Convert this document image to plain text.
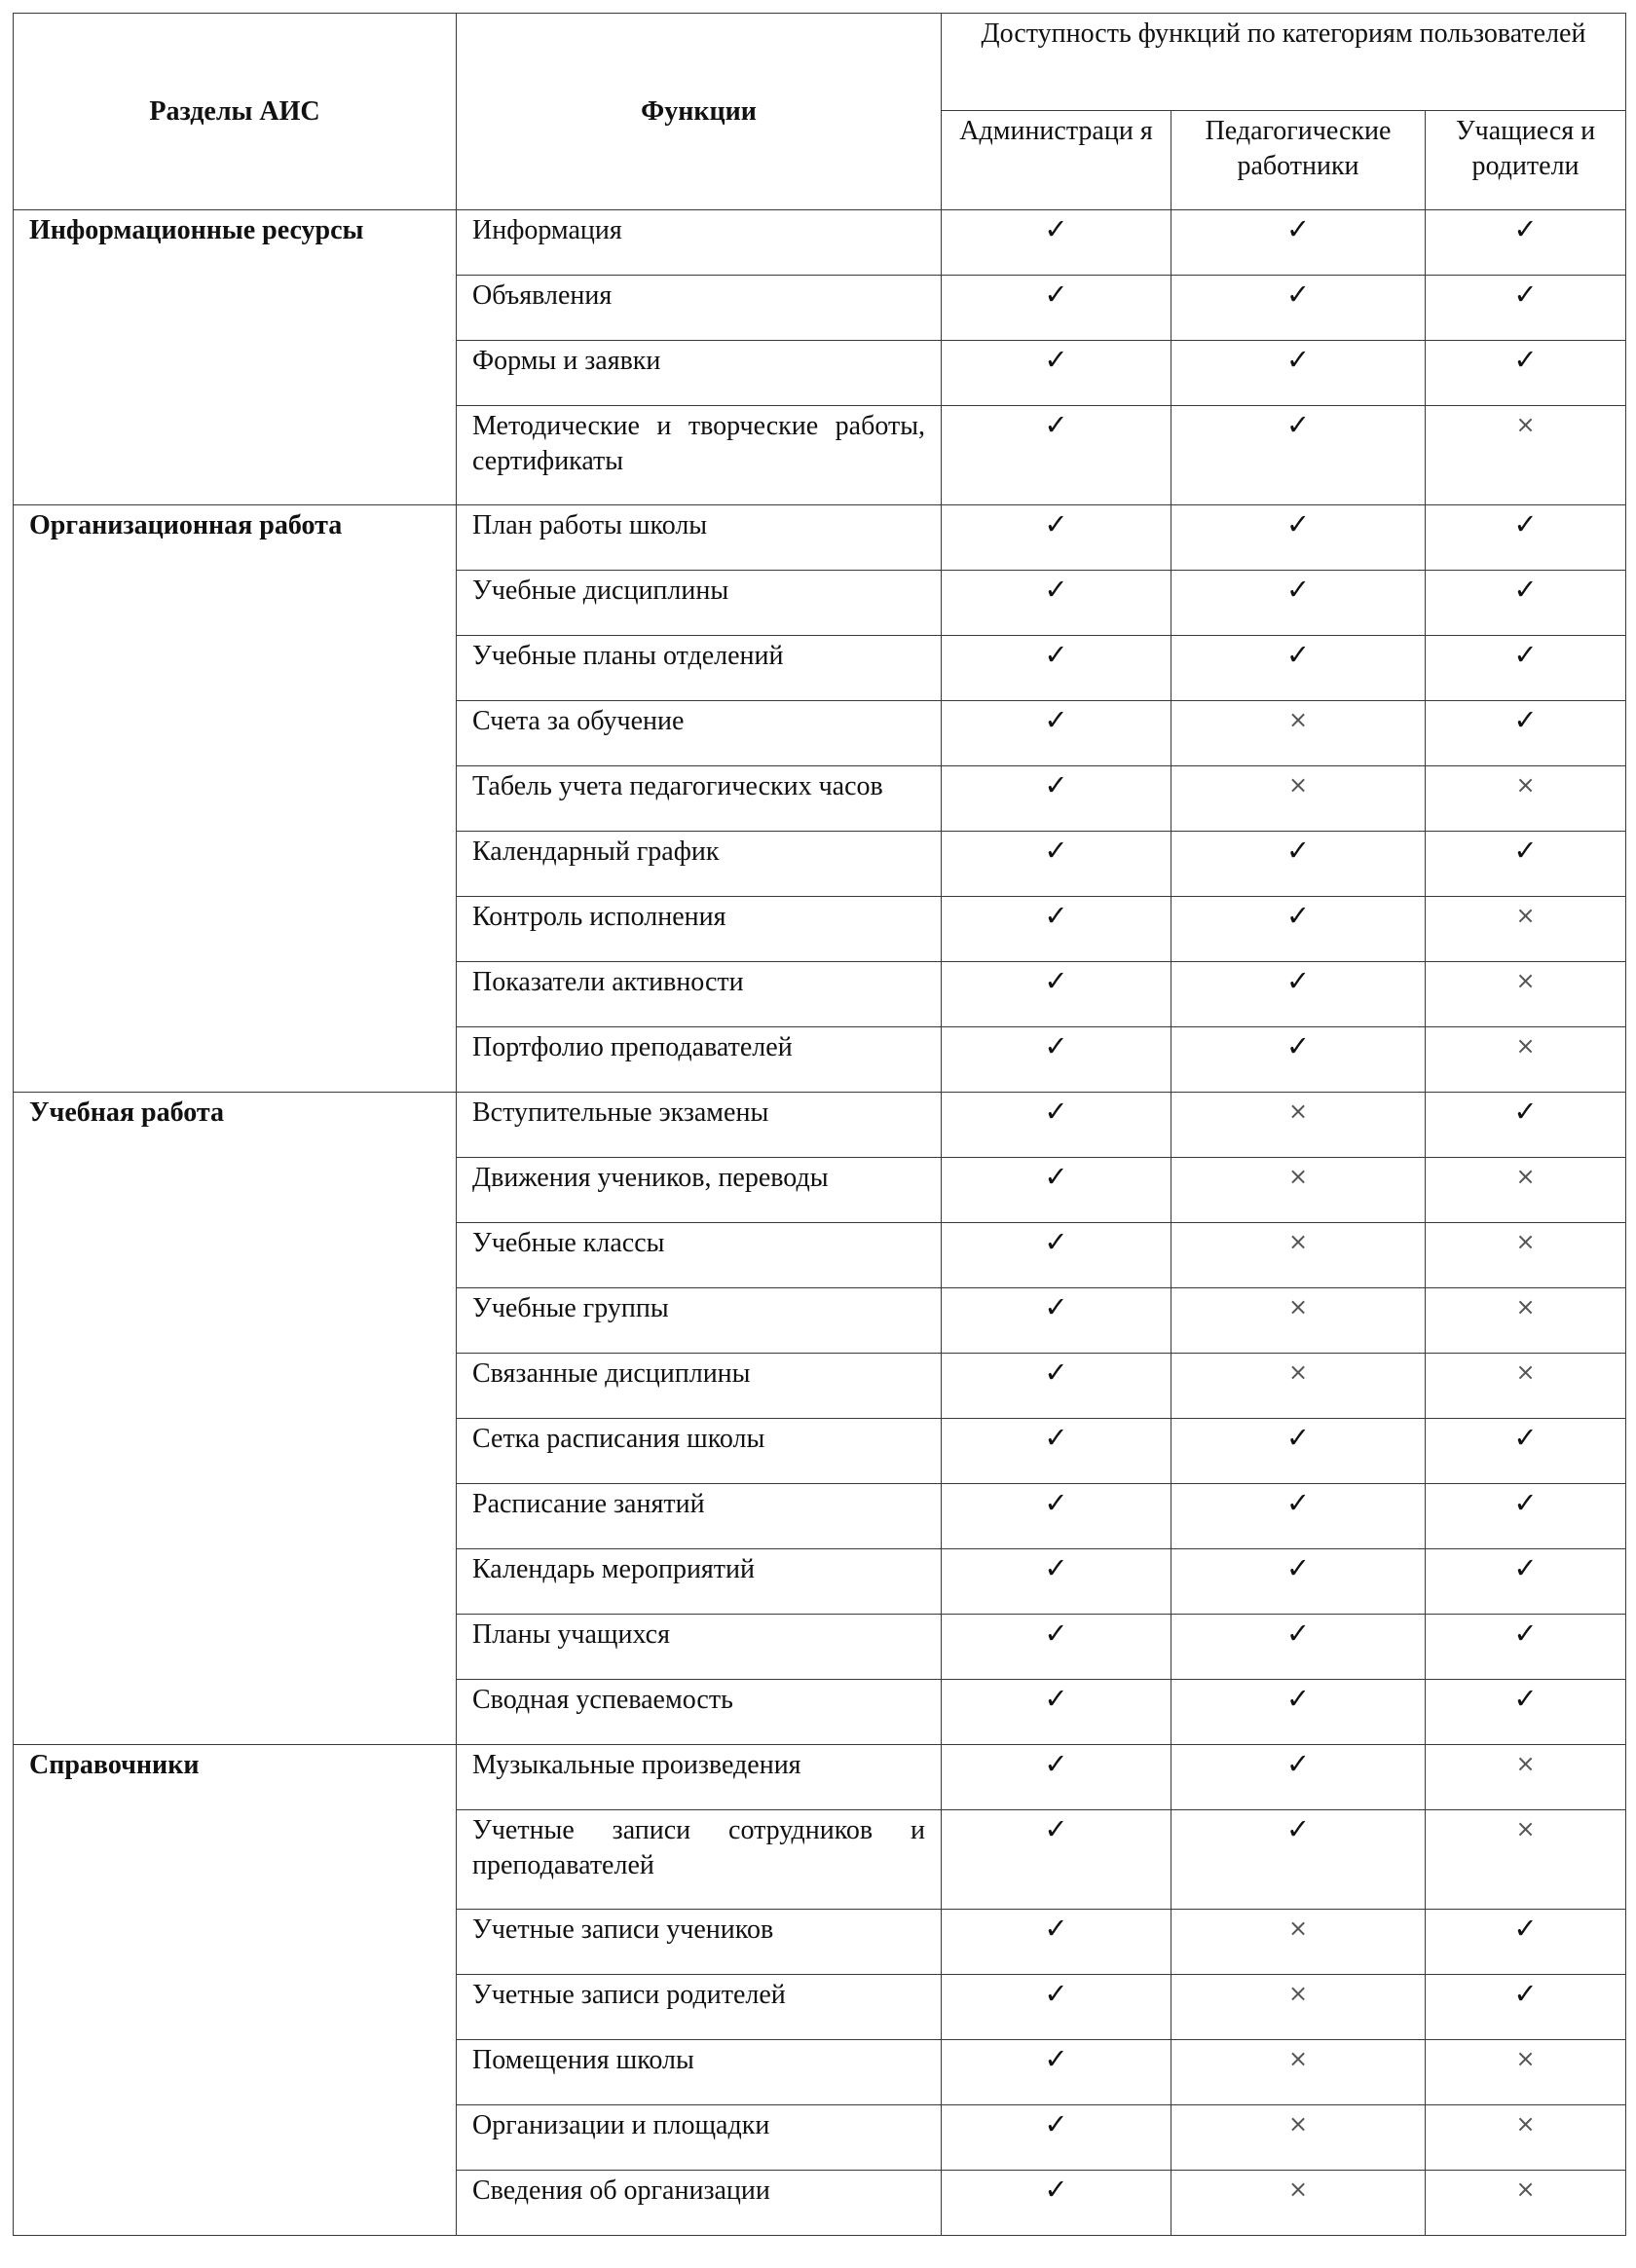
Разделы АИС	Функции	Доступность функций по категориям пользователей		
		Администраци я	Педагогические работники	Учащиеся и родители
Информационные ресурсы	Информация	✓	✓	✓
	Объявления	✓	✓	✓
	Формы и заявки	✓	✓	✓
	Методические и творческие работы, сертификаты	✓	✓	×
Организационная работа	План работы школы	✓	✓	✓
	Учебные дисциплины	✓	✓	✓
	Учебные планы отделений	✓	✓	✓
	Счета за обучение	✓	×	✓
	Табель учета педагогических часов	✓	×	×
	Календарный график	✓	✓	✓
	Контроль исполнения	✓	✓	×
	Показатели активности	✓	✓	×
	Портфолио преподавателей	✓	✓	×
Учебная работа	Вступительные экзамены	✓	×	✓
	Движения учеников, переводы	✓	×	×
	Учебные классы	✓	×	×
	Учебные группы	✓	×	×
	Связанные дисциплины	✓	×	×
	Сетка расписания школы	✓	✓	✓
	Расписание занятий	✓	✓	✓
	Календарь мероприятий	✓	✓	✓
	Планы учащихся	✓	✓	✓
	Сводная успеваемость	✓	✓	✓
Справочники	Музыкальные произведения	✓	✓	×
	Учетные записи сотрудников и преподавателей	✓	✓	×
	Учетные записи учеников	✓	×	✓
	Учетные записи родителей	✓	×	✓
	Помещения школы	✓	×	×
	Организации и площадки	✓	×	×
	Сведения об организации	✓	×	×
